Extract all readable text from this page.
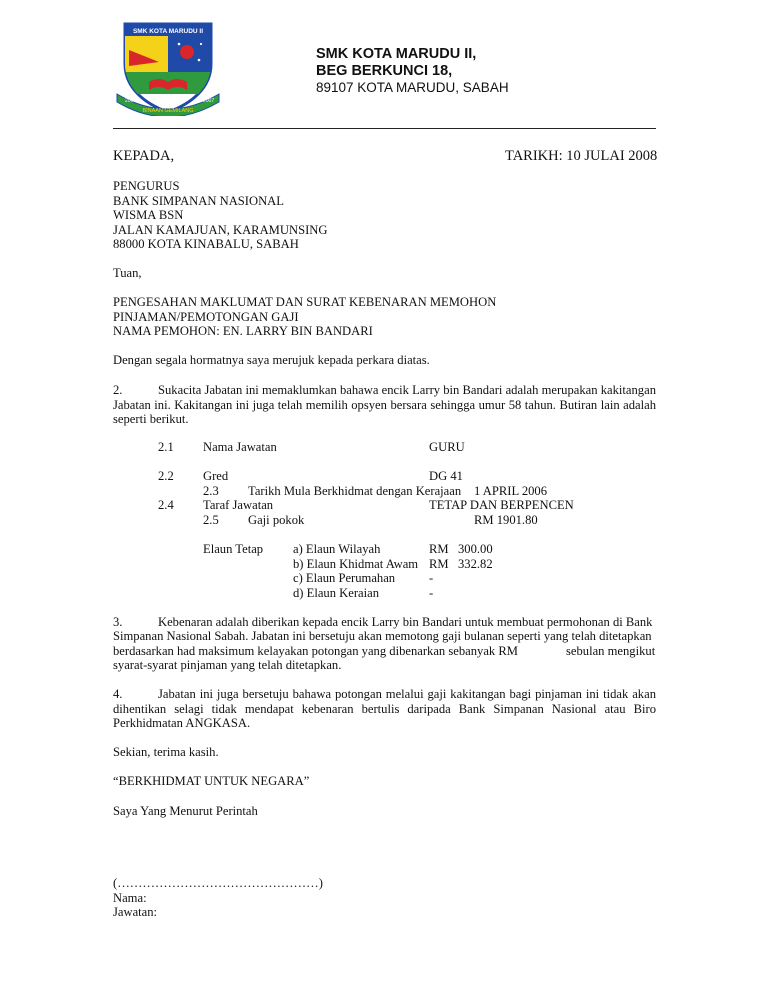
SMK KOTA MARUDU II
2008
BINAAN GEMILANG
2007
SMK KOTA MARUDU II,
BEG BERKUNCI 18,
89107 KOTA MARUDU, SABAH
KEPADA,	TARIKH: 10 JULAI 2008
PENGURUS
BANK SIMPANAN NASIONAL
WISMA BSN
JALAN KAMAJUAN, KARAMUNSING
88000 KOTA KINABALU, SABAH
Tuan,
PENGESAHAN MAKLUMAT DAN SURAT KEBENARAN MEMOHON
PINJAMAN/PEMOTONGAN GAJI
NAMA PEMOHON: EN. LARRY BIN BANDARI
Dengan segala hormatnya saya merujuk kepada perkara diatas.
2.	Sukacita Jabatan ini memaklumkan bahawa encik Larry bin Bandari adalah merupakan kakitangan Jabatan ini. Kakitangan ini juga telah memilih opsyen bersara sehingga umur 58 tahun. Butiran lain adalah seperti berikut.
2.1 Nama Jawatan	GURU
2.2 Gred	DG 41
2.3 Tarikh Mula Berkhidmat dengan Kerajaan 1 APRIL 2006
2.4 Taraf Jawatan	TETAP DAN BERPENCEN
2.5 Gaji pokok	RM 1901.80
Elaun Tetap a) Elaun Wilayah	RM 300.00
b) Elaun Khidmat Awam RM 332.82
c) Elaun Perumahan	-
d) Elaun Keraian	-
3.	Kebenaran adalah diberikan kepada encik Larry bin Bandari untuk membuat permohonan di Bank
Simpanan Nasional Sabah. Jabatan ini bersetuju akan memotong gaji bulanan seperti yang telah ditetapkan
berdasarkan had maksimum kelayakan potongan yang dibenarkan sebanyak RM	sebulan mengikut
syarat-syarat pinjaman yang telah ditetapkan.
4.	Jabatan ini juga bersetuju bahawa potongan melalui gaji kakitangan bagi pinjaman ini tidak akan dihentikan selagi tidak mendapat kebenaran bertulis daripada Bank Simpanan Nasional atau Biro Perkhidmatan ANGKASA.
Sekian, terima kasih.
“BERKHIDMAT UNTUK NEGARA”
Saya Yang Menurut Perintah
(…………………………………………)
Nama:
Jawatan:
